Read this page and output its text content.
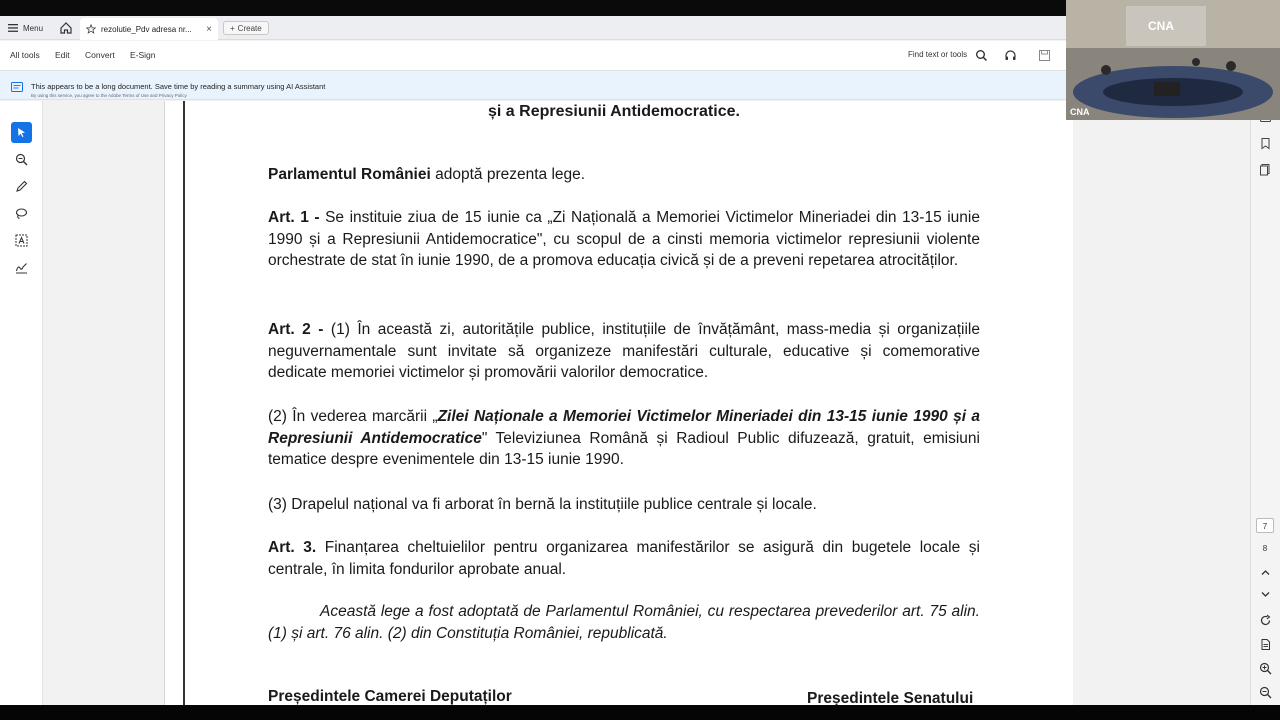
Menu	rezolutie_Pdv adresa nr...	× + Create
All tools Edit Convert E-Sign	Find text or tools
This appears to be a long document. Save time by reading a summary using AI Assistant
By using this service, you agree to the Adobe Terms of Use and Privacy Policy
și a Represiunii Antidemocratice.
Parlamentul României adoptă prezenta lege.
Art. 1 - Se instituie ziua de 15 iunie ca „Zi Națională a Memoriei Victimelor Mineriadei din 13-15 iunie 1990 și a Represiunii Antidemocratice", cu scopul de a cinsti memoria victimelor represiunii violente orchestrate de stat în iunie 1990, de a promova educația civică și de a preveni repetarea atrocităților.
Art. 2 - (1) În această zi, autoritățile publice, instituțiile de învățământ, mass-media și organizațiile neguvernamentale sunt invitate să organizeze manifestări culturale, educative și comemorative dedicate memoriei victimelor și promovării valorilor democratice.
(2) În vederea marcării „Zilei Naționale a Memoriei Victimelor Mineriadei din 13-15 iunie 1990 și a Represiunii Antidemocratice" Televiziunea Română și Radioul Public difuzează, gratuit, emisiuni tematice despre evenimentele din 13-15 iunie 1990.
(3) Drapelul național va fi arborat în bernă la instituțiile publice centrale și locale.
Art. 3. Finanțarea cheltuielilor pentru organizarea manifestărilor se asigură din bugetele locale și centrale, în limita fondurilor aprobate anual.
Această lege a fost adoptată de Parlamentul României, cu respectarea prevederilor art. 75 alin. (1) și art. 76 alin. (2) din Constituția României, republicată.
Președintele Camerei Deputaților	Președintele Senatului
7
8
CNA
CNA
